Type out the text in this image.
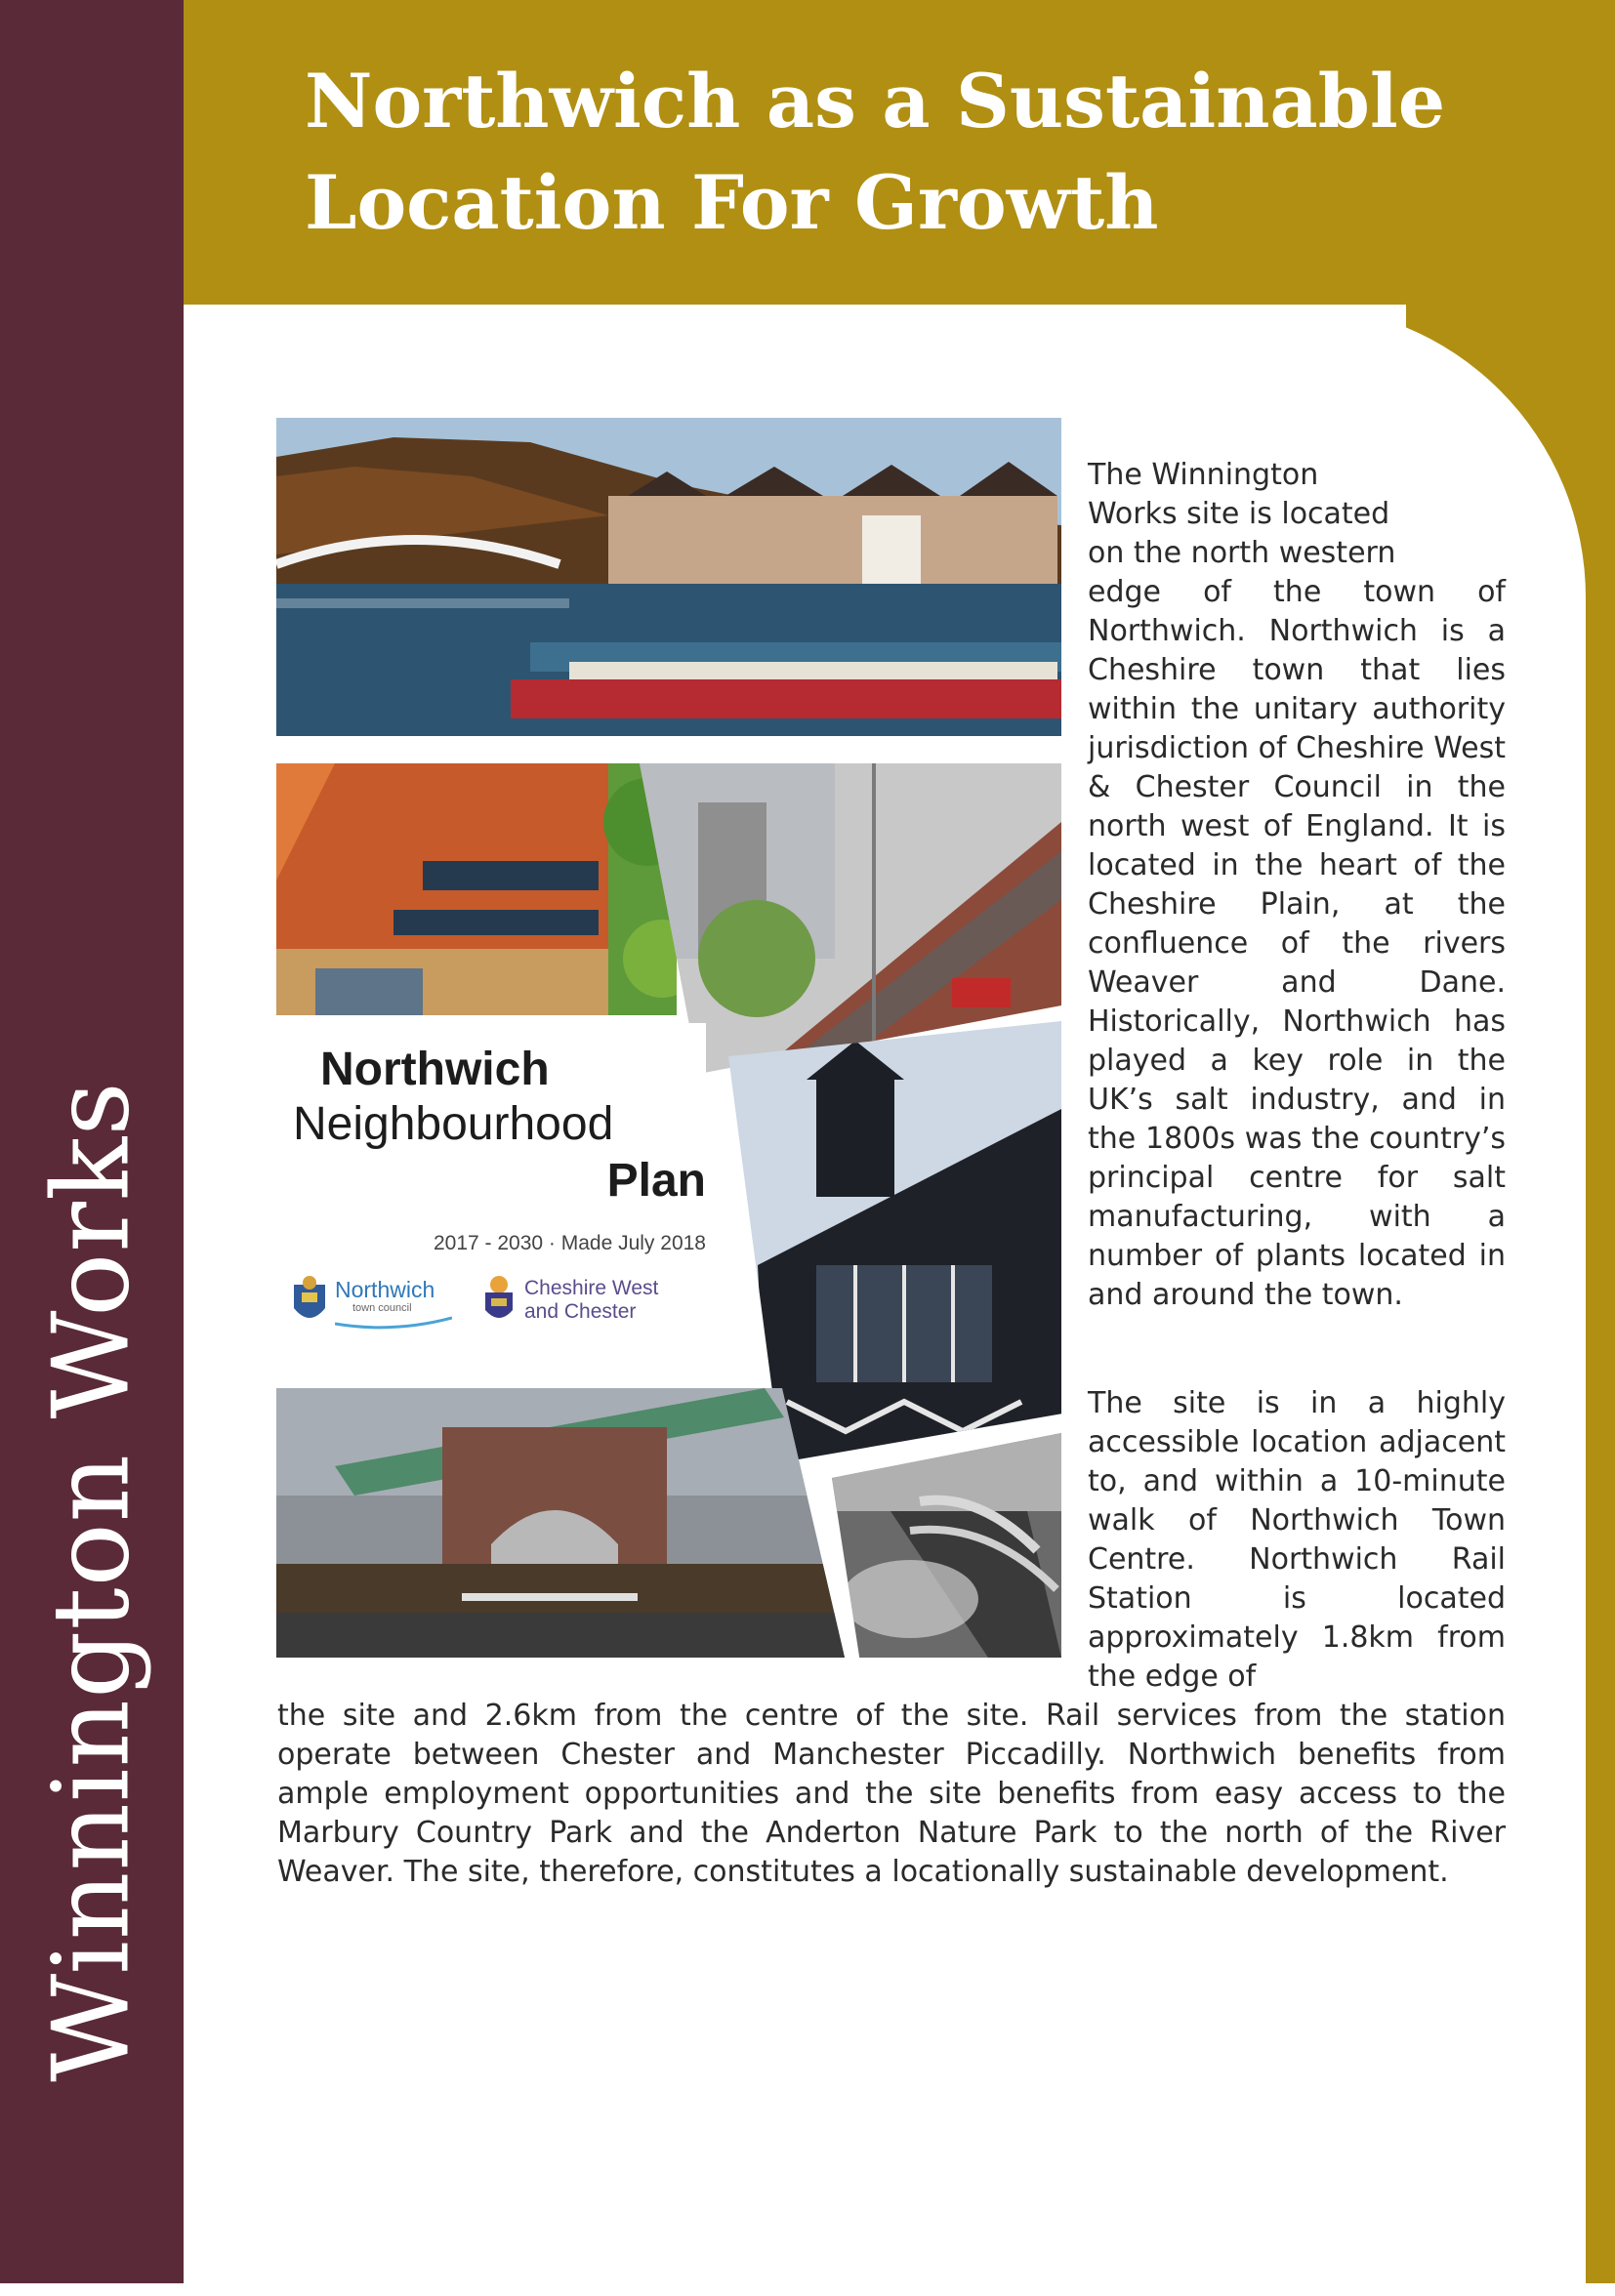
Winnington Works
Northwich as a Sustainable
Location For Growth
Northwich
Neighbourhood
Plan
2017 - 2030 · Made July 2018
Northwich
town council
Cheshire West
and Chester
The Winnington
Works site is located
on the north western
edge of the town of Northwich. Northwich is a Cheshire town that lies within the unitary authority jurisdiction of Cheshire West & Chester Council in the north west of England. It is located in the heart of the Cheshire Plain, at the confluence of the rivers Weaver and Dane. Historically, Northwich has played a key role in the UK’s salt industry, and in the 1800s was the country’s principal centre for salt manufacturing, with a number of plants located in and around the town.

The site is in a highly accessible location adjacent to, and within a 10-minute walk of Northwich Town Centre. Northwich Rail Station is located approximately 1.8km from the edge of

the site and 2.6km from the centre of the site. Rail services from the station operate between Chester and Manchester Piccadilly. Northwich benefits from ample employment opportunities and the site benefits from easy access to the Marbury Country Park and the Anderton Nature Park to the north of the River Weaver. The site, therefore, constitutes a locationally sustainable development.
